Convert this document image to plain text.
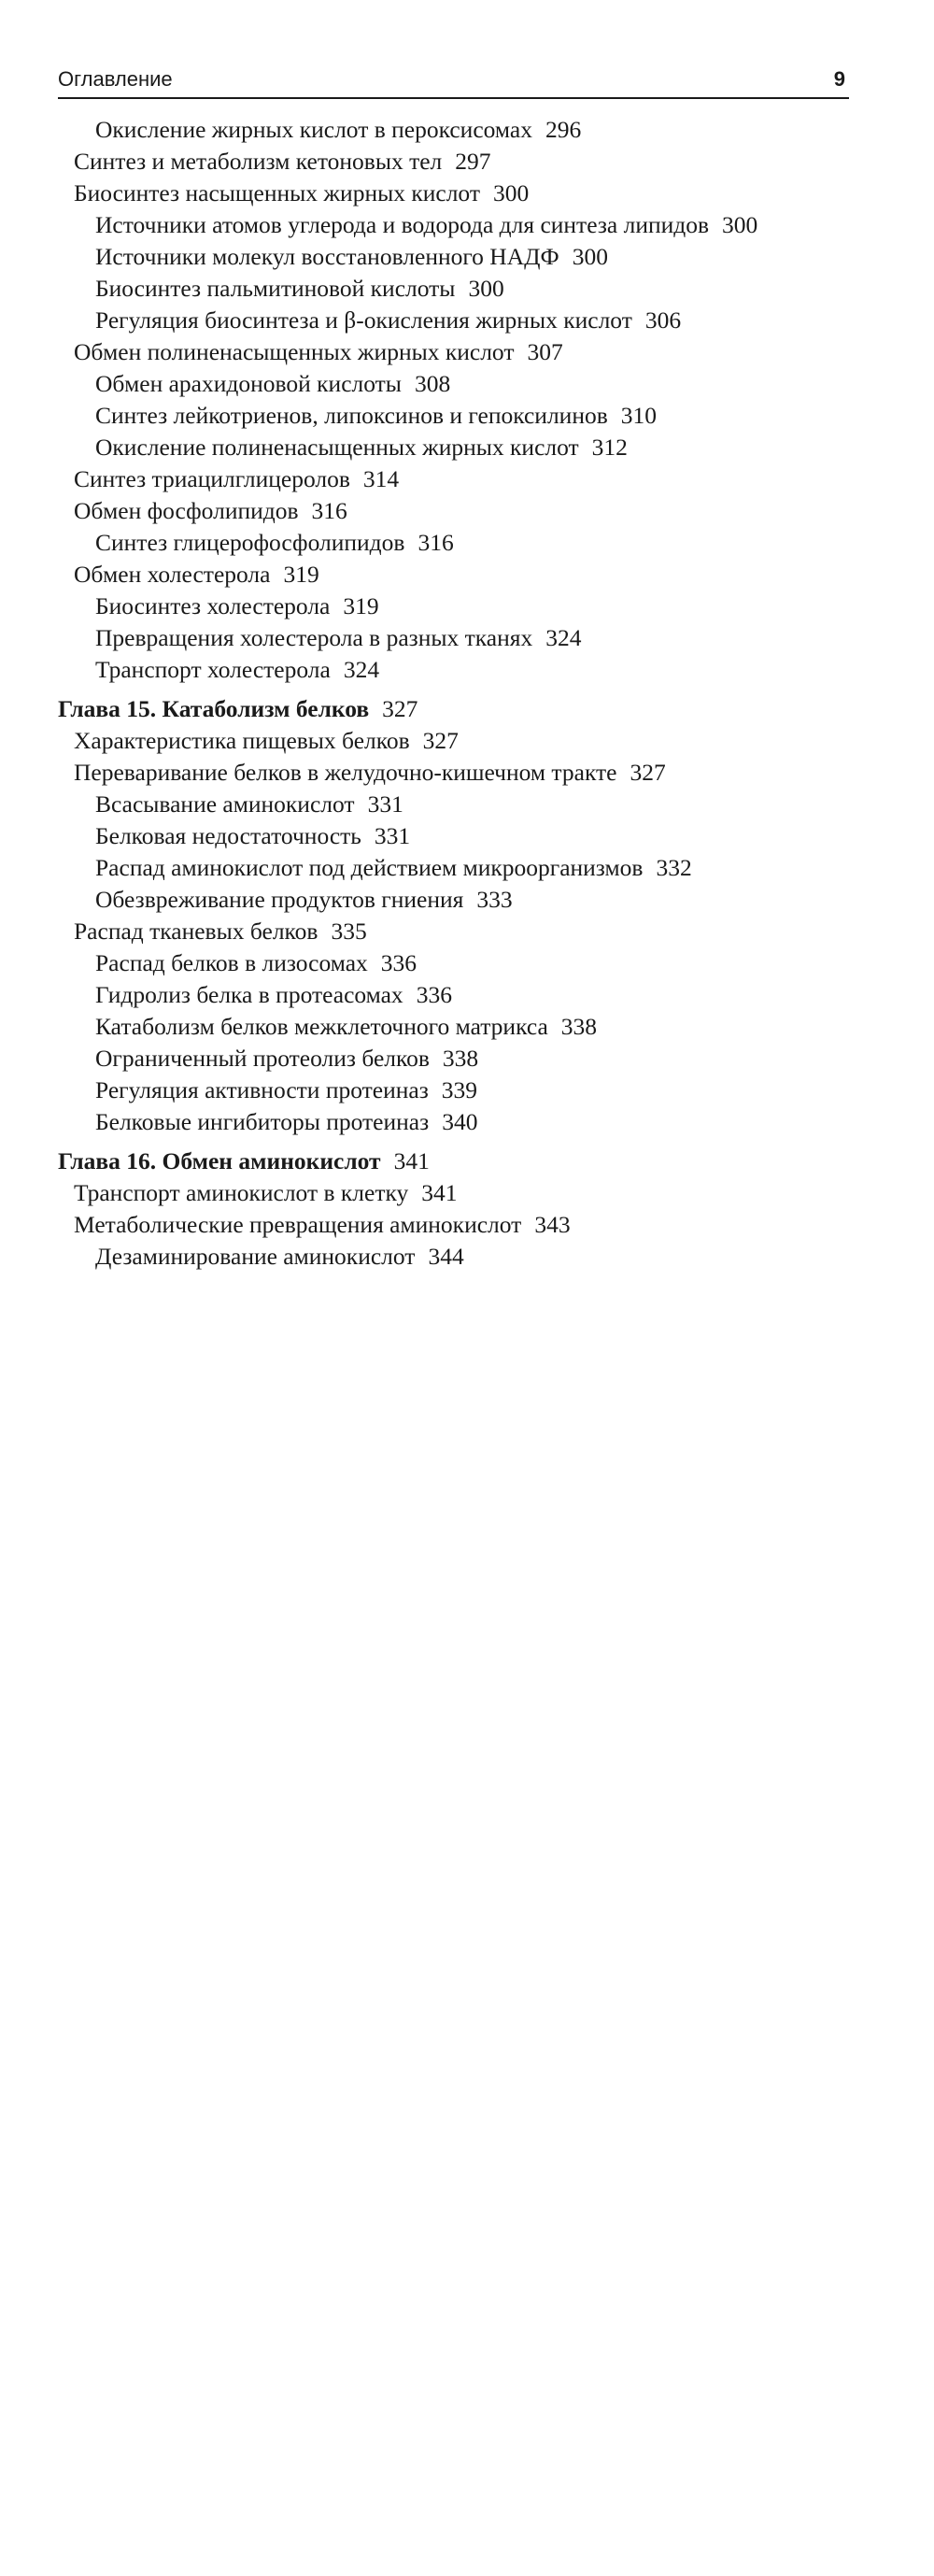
Оглавление	9
Окисление жирных кислот в пероксисомах 296
Синтез и метаболизм кетоновых тел 297
Биосинтез насыщенных жирных кислот 300
Источники атомов углерода и водорода для синтеза липидов 300
Источники молекул восстановленного НАДФ 300
Биосинтез пальмитиновой кислоты 300
Регуляция биосинтеза и β-окисления жирных кислот 306
Обмен полиненасыщенных жирных кислот 307
Обмен арахидоновой кислоты 308
Синтез лейкотриенов, липоксинов и гепоксилинов 310
Окисление полиненасыщенных жирных кислот 312
Синтез триацилглицеролов 314
Обмен фосфолипидов 316
Синтез глицерофосфолипидов 316
Обмен холестерола 319
Биосинтез холестерола 319
Превращения холестерола в разных тканях 324
Транспорт холестерола 324
Глава 15. Катаболизм белков 327
Характеристика пищевых белков 327
Переваривание белков в желудочно-кишечном тракте 327
Всасывание аминокислот 331
Белковая недостаточность 331
Распад аминокислот под действием микроорганизмов 332
Обезвреживание продуктов гниения 333
Распад тканевых белков 335
Распад белков в лизосомах 336
Гидролиз белка в протеасомах 336
Катаболизм белков межклеточного матрикса 338
Ограниченный протеолиз белков 338
Регуляция активности протеиназ 339
Белковые ингибиторы протеиназ 340
Глава 16. Обмен аминокислот 341
Транспорт аминокислот в клетку 341
Метаболические превращения аминокислот 343
Дезаминирование аминокислот 344
